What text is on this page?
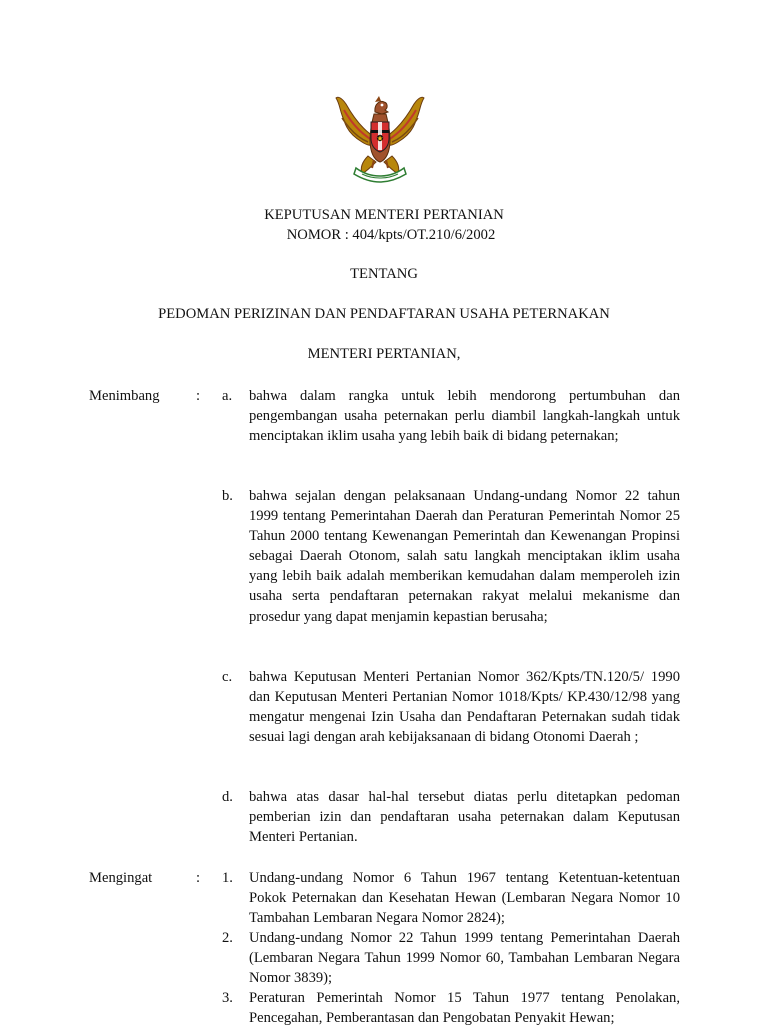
KEPUTUSAN MENTERI PERTANIAN
NOMOR : 404/kpts/OT.210/6/2002
TENTANG
PEDOMAN PERIZINAN DAN PENDAFTARAN USAHA PETERNAKAN
MENTERI PERTANIAN,
Menimbang : a. bahwa dalam rangka untuk lebih mendorong pertumbuhan dan pengembangan usaha peternakan perlu diambil langkah-langkah untuk menciptakan iklim usaha yang lebih baik di bidang peternakan;
b. bahwa sejalan dengan pelaksanaan Undang-undang Nomor 22 tahun 1999 tentang Pemerintahan Daerah dan Peraturan Pemerintah Nomor 25 Tahun 2000 tentang Kewenangan Pemerintah dan Kewenangan Propinsi sebagai Daerah Otonom, salah satu langkah menciptakan iklim usaha yang lebih baik adalah memberikan kemudahan dalam memperoleh izin usaha serta pendaftaran peternakan rakyat melalui mekanisme dan prosedur yang dapat menjamin kepastian berusaha;
c. bahwa Keputusan Menteri Pertanian Nomor 362/Kpts/TN.120/5/ 1990 dan Keputusan Menteri Pertanian Nomor 1018/Kpts/ KP.430/12/98 yang mengatur mengenai Izin Usaha dan Pendaftaran Peternakan sudah tidak sesuai lagi dengan arah kebijaksanaan di bidang Otonomi Daerah ;
d. bahwa atas dasar hal-hal tersebut diatas perlu ditetapkan pedoman pemberian izin dan pendaftaran usaha peternakan dalam Keputusan Menteri Pertanian.
Mengingat	: 1. Undang-undang Nomor 6 Tahun 1967 tentang Ketentuan-ketentuan Pokok Peternakan dan Kesehatan Hewan (Lembaran Negara Nomor 10 Tambahan Lembaran Negara Nomor 2824);
2. Undang-undang Nomor 22 Tahun 1999 tentang Pemerintahan Daerah (Lembaran Negara Tahun 1999 Nomor 60, Tambahan Lembaran Negara Nomor 3839);
3. Peraturan Pemerintah Nomor 15 Tahun 1977 tentang Penolakan, Pencegahan, Pemberantasan dan Pengobatan Penyakit Hewan;
